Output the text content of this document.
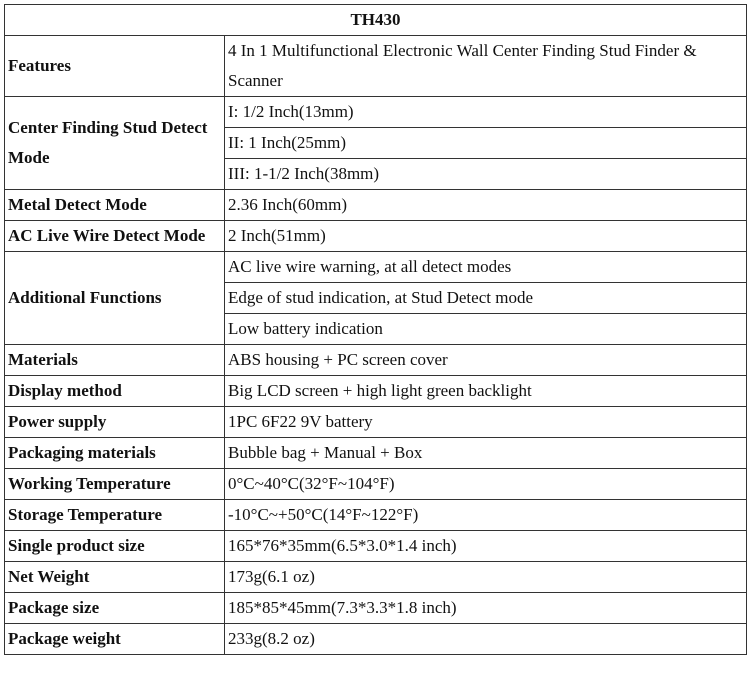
TH430	
Features	4 In 1 Multifunctional Electronic Wall Center Finding Stud Finder & Scanner
Center Finding Stud Detect Mode	I: 1/2 Inch(13mm)
	II: 1 Inch(25mm)
	III: 1-1/2 Inch(38mm)
Metal Detect Mode	2.36 Inch(60mm)
AC Live Wire Detect Mode	2 Inch(51mm)
Additional Functions	AC live wire warning, at all detect modes
	Edge of stud indication, at Stud Detect mode
	Low battery indication
Materials	ABS housing + PC screen cover
Display method	Big LCD screen + high light green backlight
Power supply	1PC 6F22 9V battery
Packaging materials	Bubble bag + Manual + Box
Working Temperature	0°C~40°C(32°F~104°F)
Storage Temperature	-10°C~+50°C(14°F~122°F)
Single product size	165*76*35mm(6.5*3.0*1.4 inch)
Net Weight	173g(6.1 oz)
Package size	185*85*45mm(7.3*3.3*1.8 inch)
Package weight	233g(8.2 oz)
